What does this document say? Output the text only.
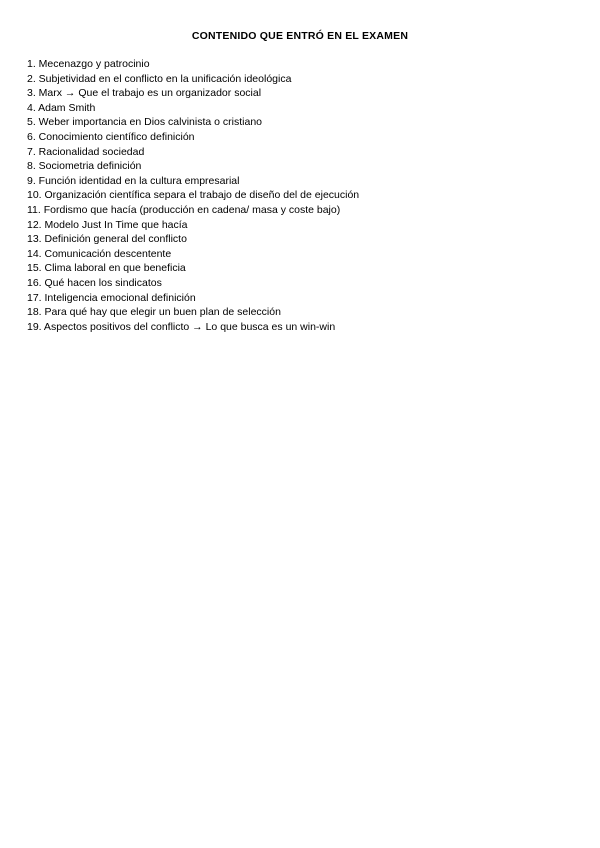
CONTENIDO QUE ENTRÓ EN EL EXAMEN
1. Mecenazgo y patrocinio
2. Subjetividad en el conflicto en la unificación ideológica
3. Marx → Que el trabajo es un organizador social
4. Adam Smith
5. Weber importancia en Dios calvinista o cristiano
6. Conocimiento científico definición
7. Racionalidad sociedad
8. Sociometria definición
9. Función identidad en la cultura empresarial
10. Organización científica separa el trabajo de diseño del de ejecución
11. Fordismo que hacía (producción en cadena/ masa y coste bajo)
12. Modelo Just In Time que hacía
13. Definición general del conflicto
14. Comunicación descentente
15. Clima laboral en que beneficia
16. Qué hacen los sindicatos
17. Inteligencia emocional definición
18. Para qué hay que elegir un buen plan de selección
19. Aspectos positivos del conflicto → Lo que busca es un win-win
